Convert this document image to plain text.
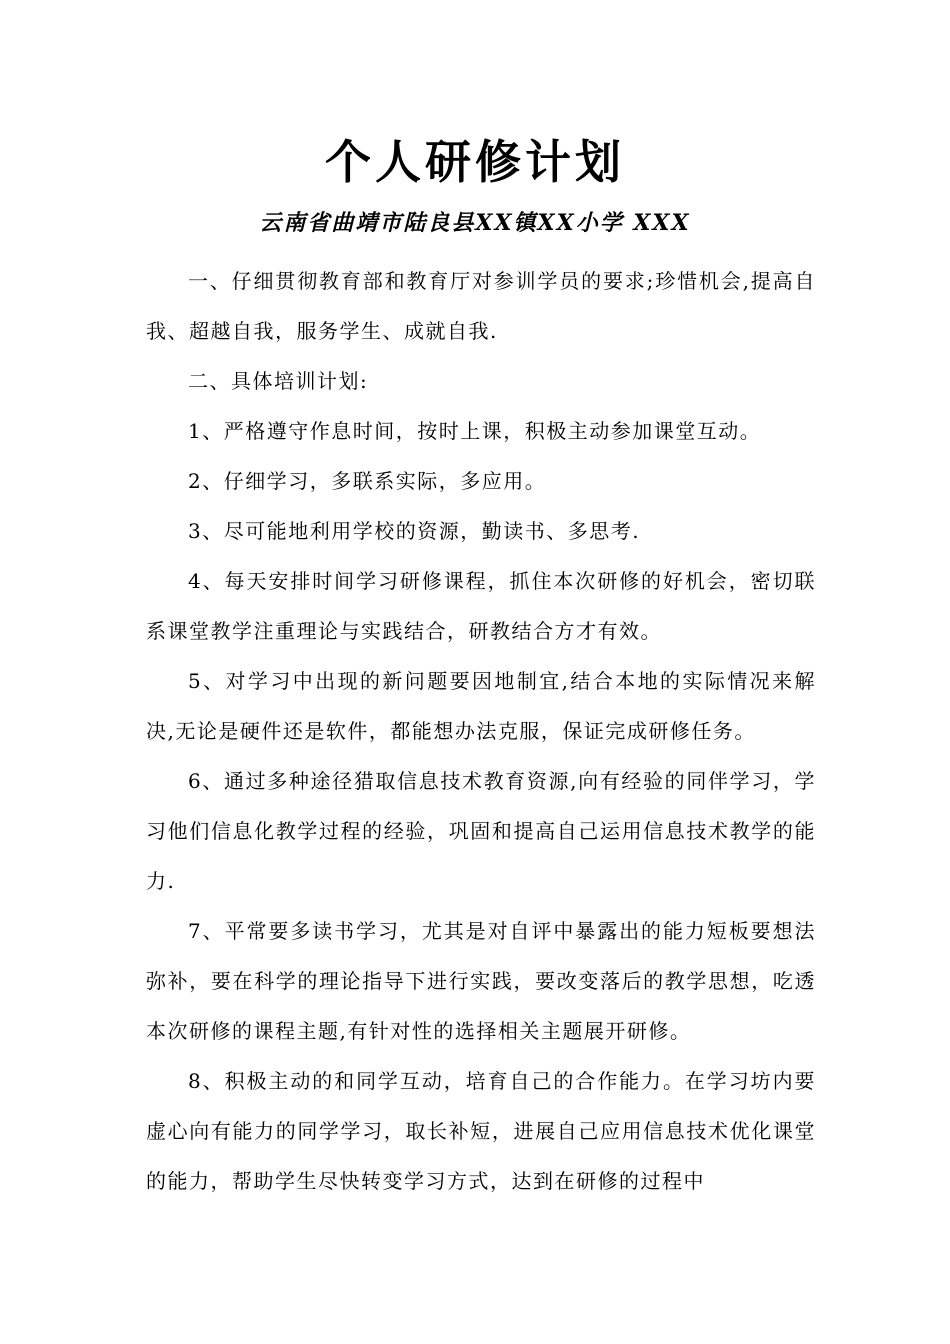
个人研修计划
云南省曲靖市陆良县XX镇XX小学 XXX

一、仔细贯彻教育部和教育厅对参训学员的要求;珍惜机会,提高自我、超越自我，服务学生、成就自我.

二、具体培训计划:

1、严格遵守作息时间，按时上课，积极主动参加课堂互动。

2、仔细学习，多联系实际，多应用。

3、尽可能地利用学校的资源，勤读书、多思考.

4、每天安排时间学习研修课程，抓住本次研修的好机会，密切联系课堂教学注重理论与实践结合，研教结合方才有效。

5、对学习中出现的新问题要因地制宜,结合本地的实际情况来解决,无论是硬件还是软件，都能想办法克服，保证完成研修任务。

6、通过多种途径猎取信息技术教育资源,向有经验的同伴学习，学习他们信息化教学过程的经验，巩固和提高自己运用信息技术教学的能力.

7、平常要多读书学习，尤其是对自评中暴露出的能力短板要想法弥补，要在科学的理论指导下进行实践，要改变落后的教学思想，吃透本次研修的课程主题,有针对性的选择相关主题展开研修。

8、积极主动的和同学互动，培育自己的合作能力。在学习坊内要虚心向有能力的同学学习，取长补短，进展自己应用信息技术优化课堂的能力，帮助学生尽快转变学习方式，达到在研修的过程中
